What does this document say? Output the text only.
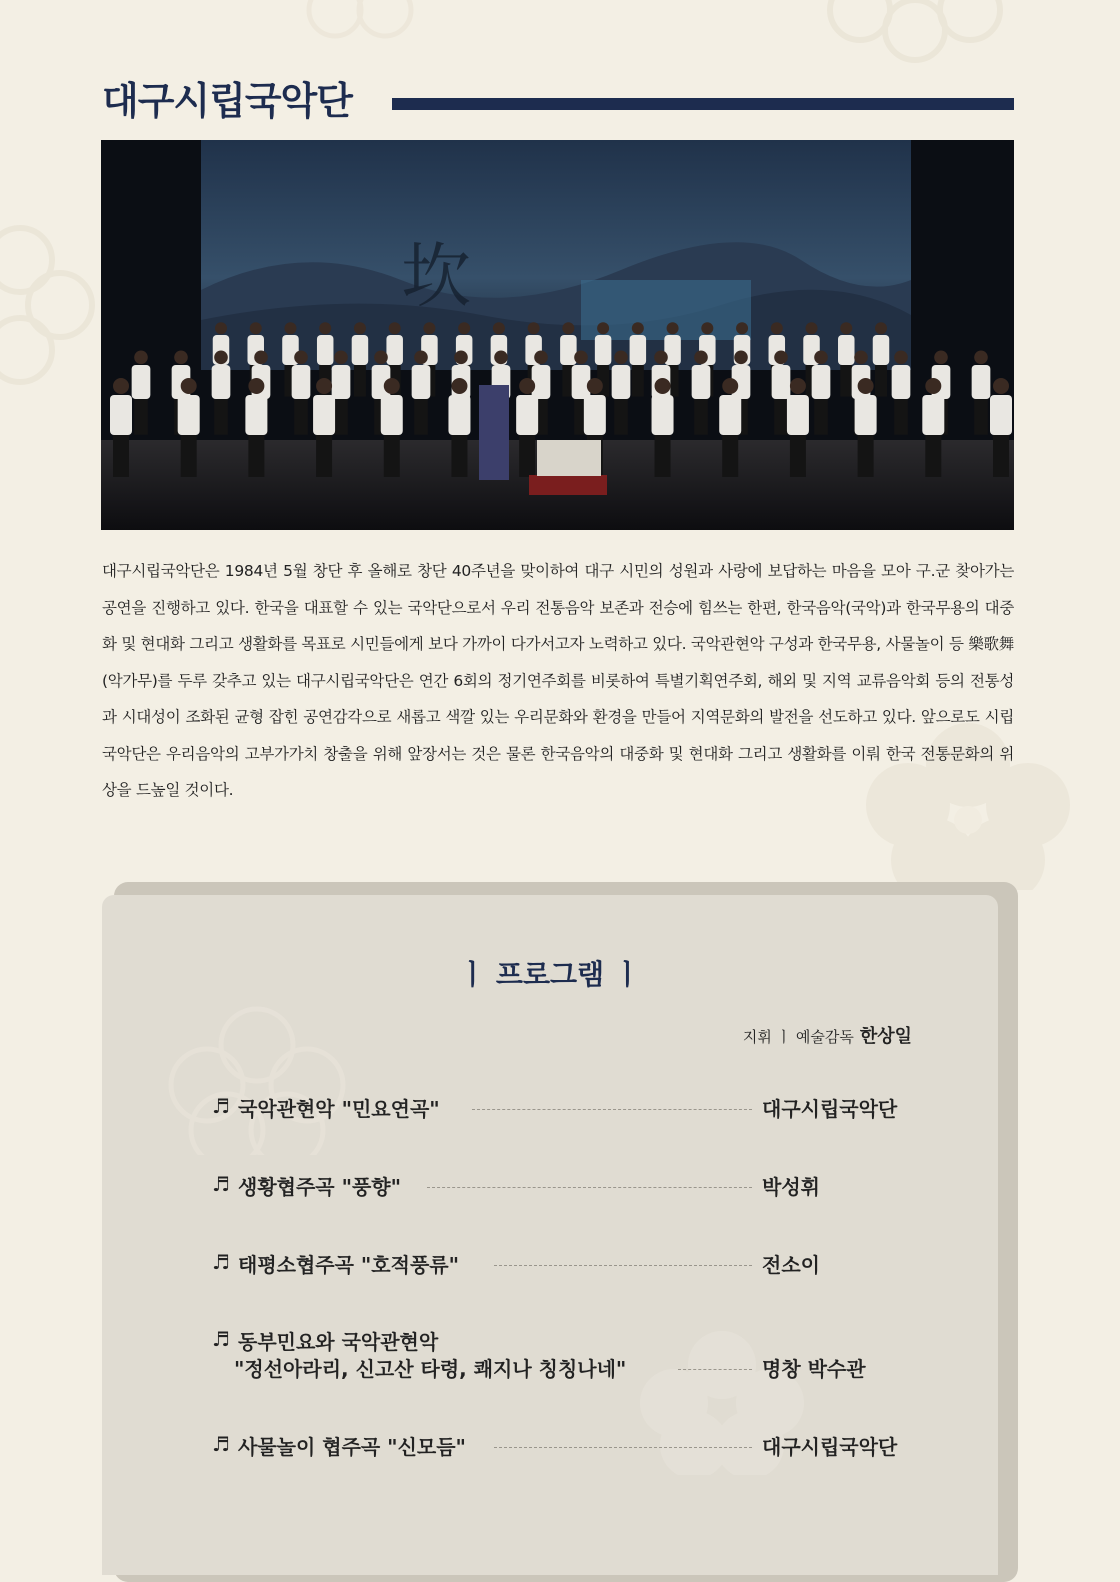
대구시립국악단
坎

대구시립국악단은 1984년 5월 창단 후 올해로 창단 40주년을 맞이하여 대구 시민의 성원과 사랑에 보답하는 마음을 모아 구.군 찾아가는 공연을 진행하고 있다. 한국을 대표할 수 있는 국악단으로서 우리 전통음악 보존과 전승에 힘쓰는 한편, 한국음악(국악)과 한국무용의 대중화 및 현대화 그리고 생활화를 목표로 시민들에게 보다 가까이 다가서고자 노력하고 있다. 국악관현악 구성과 한국무용, 사물놀이 등 樂歌舞(악가무)를 두루 갖추고 있는 대구시립국악단은 연간 6회의 정기연주회를 비롯하여 특별기획연주회, 해외 및 지역 교류음악회 등의 전통성과 시대성이 조화된 균형 잡힌 공연감각으로 새롭고 색깔 있는 우리문화와 환경을 만들어 지역문화의 발전을 선도하고 있다. 앞으로도 시립국악단은 우리음악의 고부가가치 창출을 위해 앞장서는 것은 물론 한국음악의 대중화 및 현대화 그리고 생활화를 이뤄 한국 전통문화의 위상을 드높일 것이다.

ㅣ 프로그램 ㅣ
지휘 ㅣ 예술감독 한상일
♬ 국악관현악 "민요연곡"	대구시립국악단
♬ 생황협주곡 "풍향"	박성휘
♬ 태평소협주곡 "호적풍류"	전소이
♬ 동부민요와 국악관현악
"정선아라리, 신고산 타령, 쾌지나 칭칭나네"	명창 박수관
♬ 사물놀이 협주곡 "신모듬"	대구시립국악단
